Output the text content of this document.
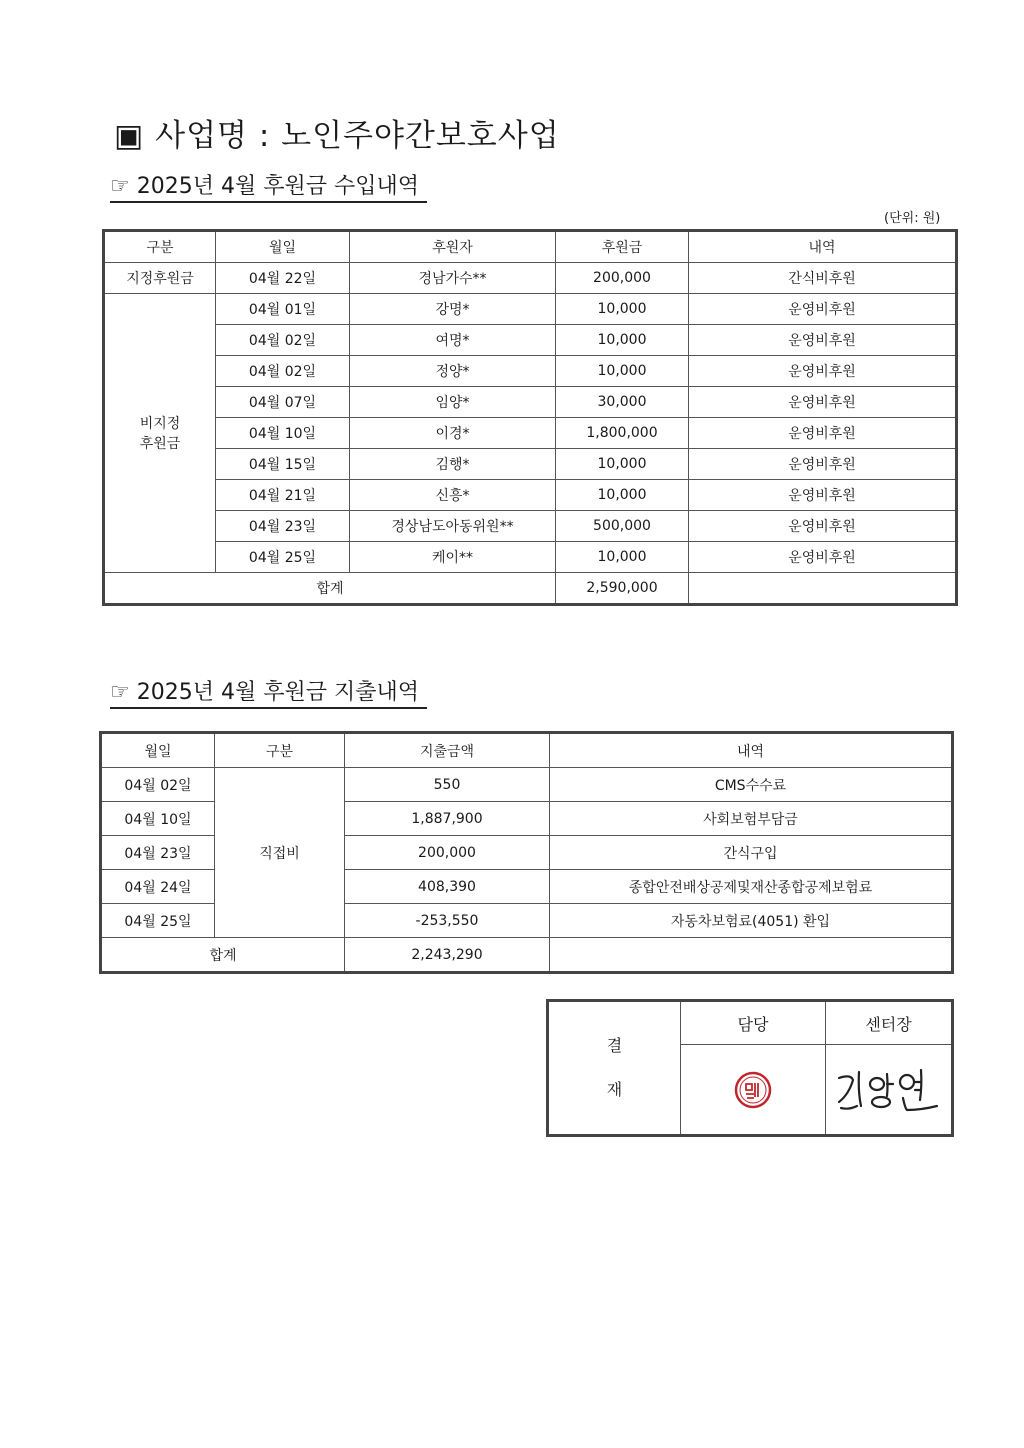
▣ 사업명 : 노인주야간보호사업
☞ 2025년 4월 후원금 수입내역
(단위: 원)
구분	월일	후원자	후원금	내역
지정후원금	04월 22일	경남가수**	200,000	간식비후원
비지정
후원금	04월 01일	강명*	10,000	운영비후원
	04월 02일	여명*	10,000	운영비후원
	04월 02일	정양*	10,000	운영비후원
	04월 07일	임양*	30,000	운영비후원
	04월 10일	이경*	1,800,000	운영비후원
	04월 15일	김행*	10,000	운영비후원
	04월 21일	신흥*	10,000	운영비후원
	04월 23일	경상남도아동위원**	500,000	운영비후원
	04월 25일	케이**	10,000	운영비후원
합계			2,590,000	
☞ 2025년 4월 후원금 지출내역
월일	구분	지출금액	내역
04월 02일	직접비	550	CMS수수료
04월 10일		1,887,900	사회보험부담금
04월 23일		200,000	간식구입
04월 24일		408,390	종합안전배상공제및재산종합공제보험료
04월 25일		-253,550	자동차보험료(4051) 환입
합계		2,243,290	
결
재	담당	센터장
